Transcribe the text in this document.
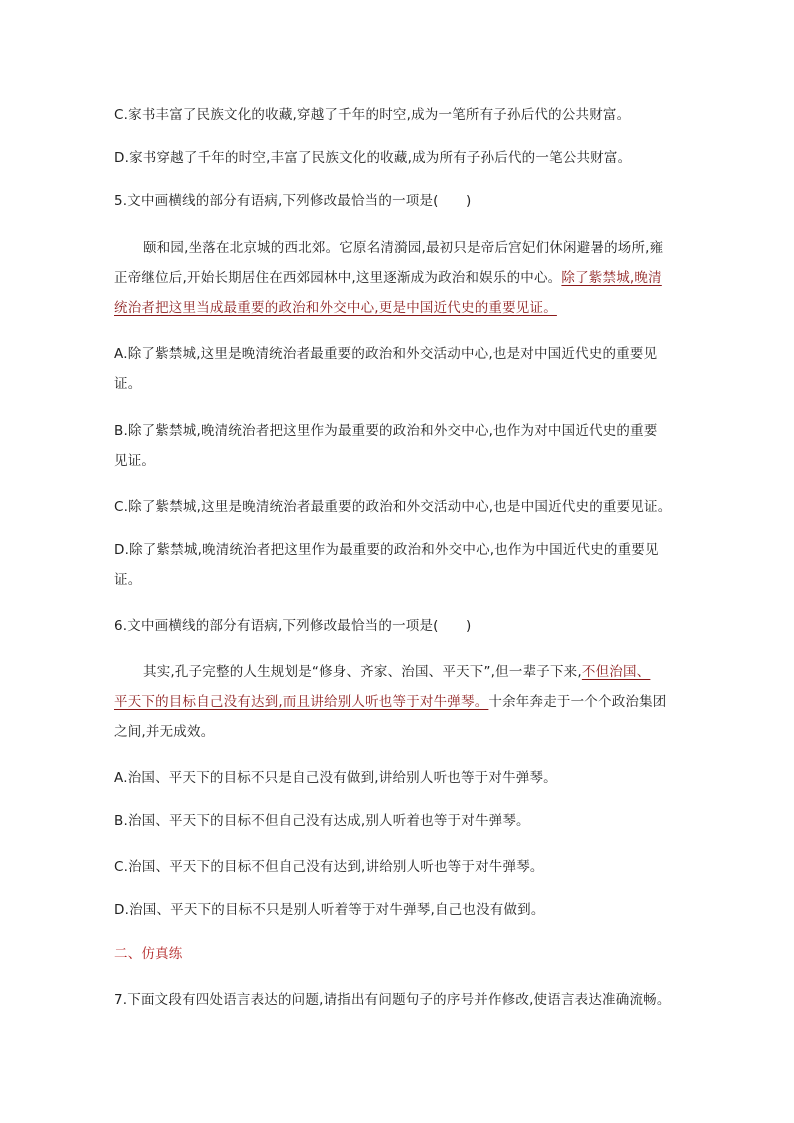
C.家书丰富了民族文化的收藏,穿越了千年的时空,成为一笔所有子孙后代的公共财富。
D.家书穿越了千年的时空,丰富了民族文化的收藏,成为所有子孙后代的一笔公共财富。
5.文中画横线的部分有语病,下列修改最恰当的一项是(　　)
颐和园,坐落在北京城的西北郊。它原名清漪园,最初只是帝后宫妃们休闲避暑的场所,雍
正帝继位后,开始长期居住在西郊园林中,这里逐渐成为政治和娱乐的中心。除了紫禁城,晚清
统治者把这里当成最重要的政治和外交中心,更是中国近代史的重要见证。
A.除了紫禁城,这里是晚清统治者最重要的政治和外交活动中心,也是对中国近代史的重要见
证。
B.除了紫禁城,晚清统治者把这里作为最重要的政治和外交中心,也作为对中国近代史的重要
见证。
C.除了紫禁城,这里是晚清统治者最重要的政治和外交活动中心,也是中国近代史的重要见证。
D.除了紫禁城,晚清统治者把这里作为最重要的政治和外交中心,也作为中国近代史的重要见
证。
6.文中画横线的部分有语病,下列修改最恰当的一项是(　　)
其实,孔子完整的人生规划是“修身、齐家、治国、平天下”,但一辈子下来,不但治国、
平天下的目标自己没有达到,而且讲给别人听也等于对牛弹琴。十余年奔走于一个个政治集团
之间,并无成效。
A.治国、平天下的目标不只是自己没有做到,讲给别人听也等于对牛弹琴。
B.治国、平天下的目标不但自己没有达成,别人听着也等于对牛弹琴。
C.治国、平天下的目标不但自己没有达到,讲给别人听也等于对牛弹琴。
D.治国、平天下的目标不只是别人听着等于对牛弹琴,自己也没有做到。
二、仿真练
7.下面文段有四处语言表达的问题,请指出有问题句子的序号并作修改,使语言表达准确流畅。
